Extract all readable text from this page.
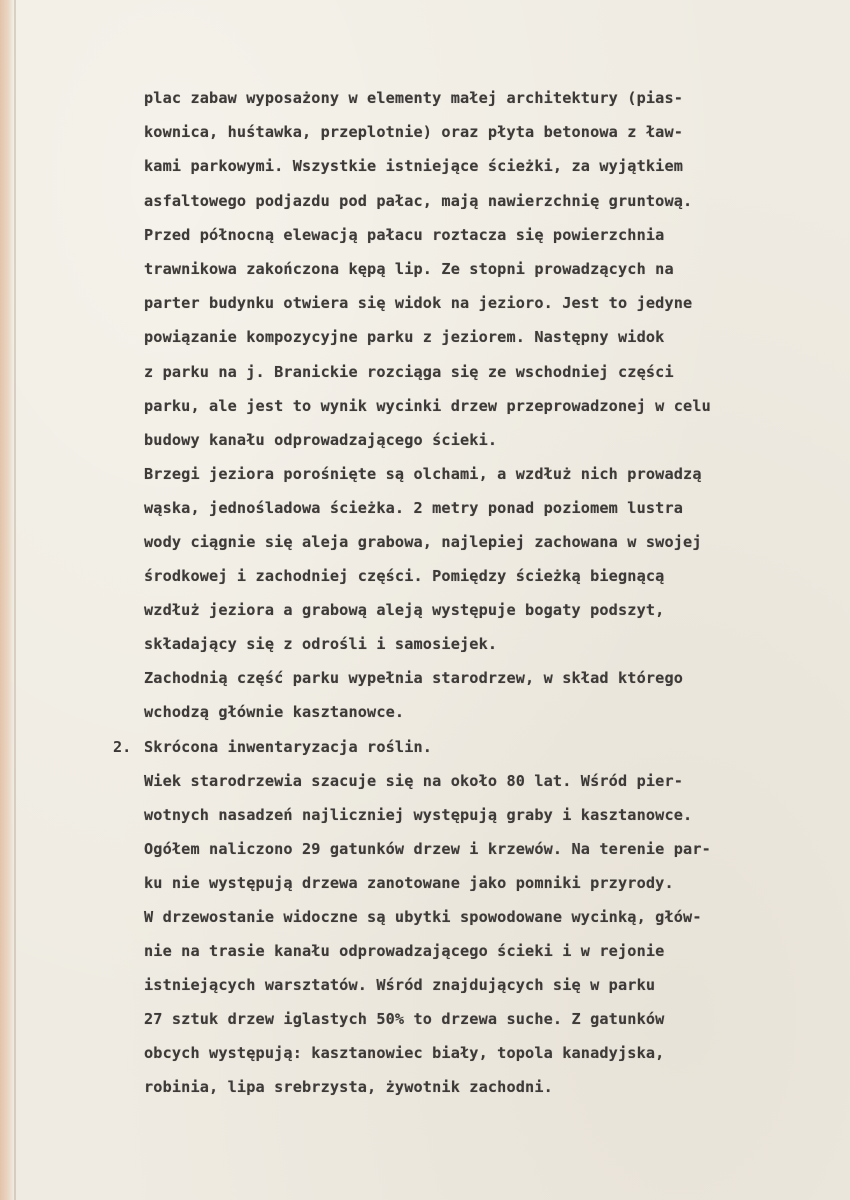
plac zabaw wyposażony w elementy małej architektury (pias-
kownica, huśtawka, przeplotnie) oraz płyta betonowa z ław-
kami parkowymi. Wszystkie istniejące ścieżki, za wyjątkiem
asfaltowego podjazdu pod pałac, mają nawierzchnię gruntową.
Przed północną elewacją pałacu roztacza się powierzchnia
trawnikowa zakończona kępą lip. Ze stopni prowadzących na
parter budynku otwiera się widok na jezioro. Jest to jedyne
powiązanie kompozycyjne parku z jeziorem. Następny widok
z parku na j. Branickie rozciąga się ze wschodniej części
parku, ale jest to wynik wycinki drzew przeprowadzonej w celu
budowy kanału odprowadzającego ścieki.
Brzegi jeziora porośnięte są olchami, a wzdłuż nich prowadzą
wąska, jednośladowa ścieżka. 2 metry ponad poziomem lustra
wody ciągnie się aleja grabowa, najlepiej zachowana w swojej
środkowej i zachodniej części. Pomiędzy ścieżką biegnącą
wzdłuż jeziora a grabową aleją występuje bogaty podszyt,
składający się z odrośli i samosiejek.
Zachodnią część parku wypełnia starodrzew, w skład którego
wchodzą głównie kasztanowce.
2. Skrócona inwentaryzacja roślin.
Wiek starodrzewia szacuje się na około 80 lat. Wśród pier-
wotnych nasadzeń najliczniej występują graby i kasztanowce.
Ogółem naliczono 29 gatunków drzew i krzewów. Na terenie par-
ku nie występują drzewa zanotowane jako pomniki przyrody.
W drzewostanie widoczne są ubytki spowodowane wycinką, głów-
nie na trasie kanału odprowadzającego ścieki i w rejonie
istniejących warsztatów. Wśród znajdujących się w parku
27 sztuk drzew iglastych 50% to drzewa suche. Z gatunków
obcych występują: kasztanowiec biały, topola kanadyjska,
robinia, lipa srebrzysta, żywotnik zachodni.
